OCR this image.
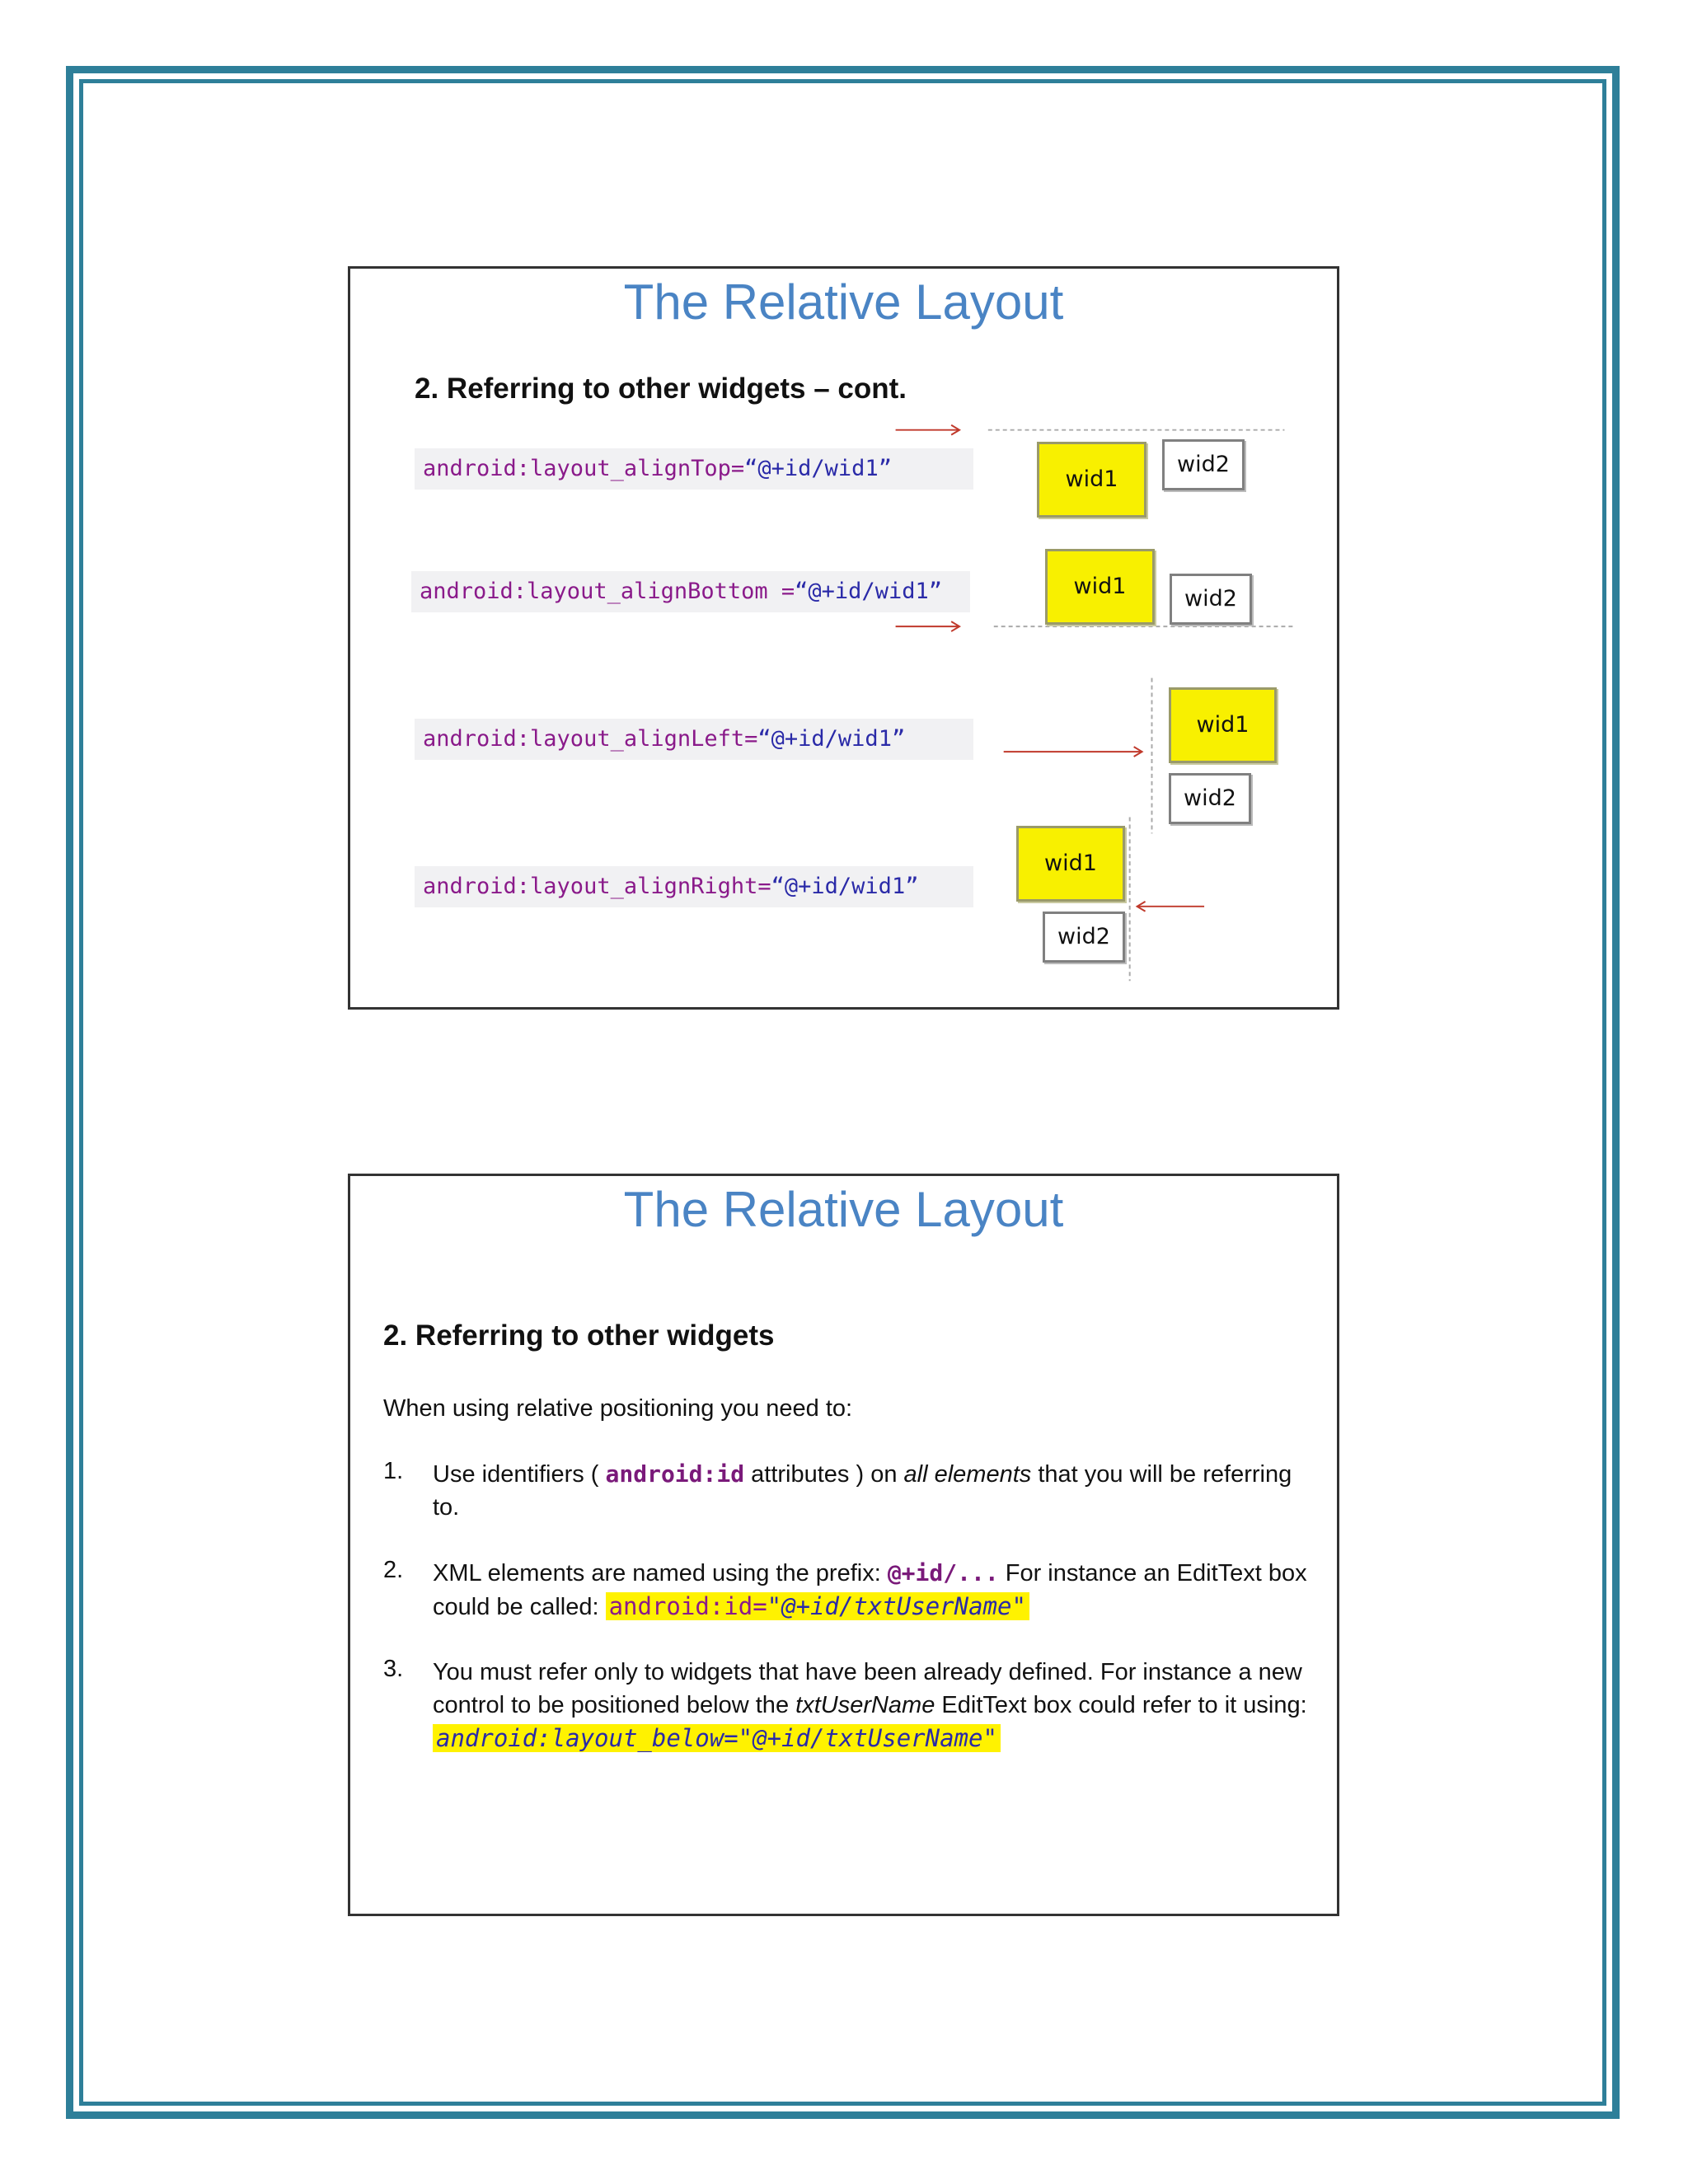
The Relative Layout
2. Referring to other widgets – cont.
android:layout_alignTop=“@+id/wid1”
android:layout_alignBottom =“@+id/wid1”
android:layout_alignLeft=“@+id/wid1”
android:layout_alignRight=“@+id/wid1”
wid1
wid2
wid1	wid2
wid1
wid2
wid1
wid2
The Relative Layout
2. Referring to other widgets

When using relative positioning you need to:

1. Use identifiers ( android:id attributes ) on all elements that you will be referring to.
2. XML elements are named using the prefix: @+id/... For instance an EditText box could be called: android:id="@+id/txtUserName"
3. You must refer only to widgets that have been already defined. For instance a new control to be positioned below the txtUserName EditText box could refer to it using: android:layout_below="@+id/txtUserName"
